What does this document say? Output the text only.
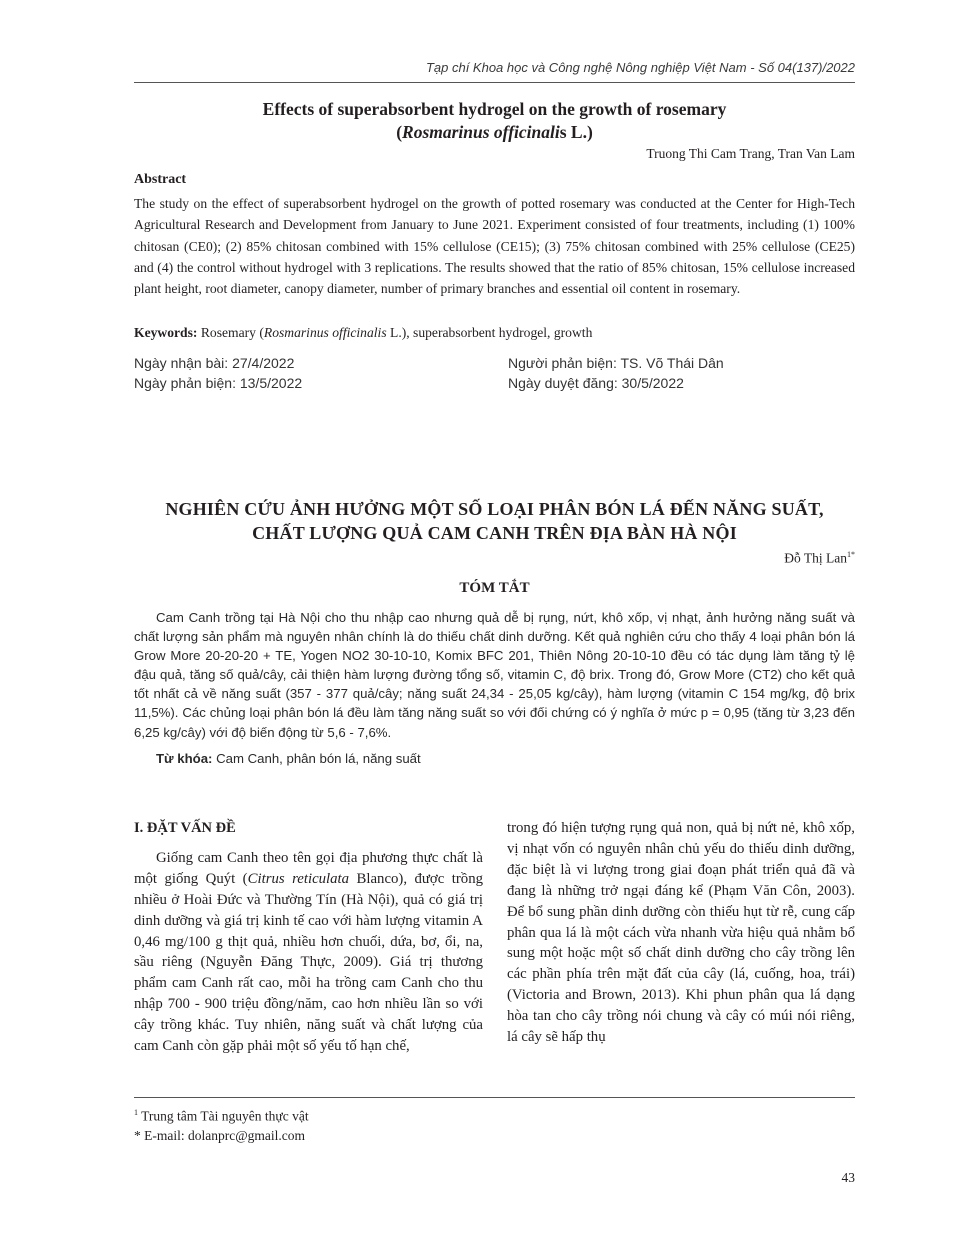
Tạp chí Khoa học và Công nghệ Nông nghiệp Việt Nam - Số 04(137)/2022
Effects of superabsorbent hydrogel on the growth of rosemary
(Rosmarinus officinalis L.)
Truong Thi Cam Trang, Tran Van Lam
Abstract
The study on the effect of superabsorbent hydrogel on the growth of potted rosemary was conducted at the Center for High-Tech Agricultural Research and Development from January to June 2021. Experiment consisted of four treatments, including (1) 100% chitosan (CE0); (2) 85% chitosan combined with 15% cellulose (CE15); (3) 75% chitosan combined with 25% cellulose (CE25) and (4) the control without hydrogel with 3 replications. The results showed that the ratio of 85% chitosan, 15% cellulose increased plant height, root diameter, canopy diameter, number of primary branches and essential oil content in rosemary.
Keywords: Rosemary (Rosmarinus officinalis L.), superabsorbent hydrogel, growth
Ngày nhận bài: 27/4/2022
Ngày phản biện: 13/5/2022
Người phản biện: TS. Võ Thái Dân
Ngày duyệt đăng: 30/5/2022
NGHIÊN CỨU ẢNH HƯỞNG MỘT SỐ LOẠI PHÂN BÓN LÁ ĐẾN NĂNG SUẤT,
CHẤT LƯỢNG QUẢ CAM CANH TRÊN ĐỊA BÀN HÀ NỘI
Đỗ Thị Lan$^{1*}$
TÓM TẮT
Cam Canh trồng tại Hà Nội cho thu nhập cao nhưng quả dễ bị rụng, nứt, khô xốp, vị nhạt, ảnh hưởng năng suất và chất lượng sản phẩm mà nguyên nhân chính là do thiếu chất dinh dưỡng. Kết quả nghiên cứu cho thấy 4 loại phân bón lá Grow More 20-20-20 + TE, Yogen NO2 30-10-10, Komix BFC 201, Thiên Nông 20-10-10 đều có tác dụng làm tăng tỷ lệ đậu quả, tăng số quả/cây, cải thiện hàm lượng đường tổng số, vitamin C, độ brix. Trong đó, Grow More (CT2) cho kết quả tốt nhất cả về năng suất (357 - 377 quả/cây; năng suất 24,34 - 25,05 kg/cây), hàm lượng (vitamin C 154 mg/kg, độ brix 11,5%). Các chủng loại phân bón lá đều làm tăng năng suất so với đối chứng có ý nghĩa ở mức p = 0,95 (tăng từ 3,23 đến 6,25 kg/cây) với độ biến động từ 5,6 - 7,6%.
Từ khóa: Cam Canh, phân bón lá, năng suất
I. ĐẶT VẤN ĐỀ
Giống cam Canh theo tên gọi địa phương thực chất là một giống Quýt (Citrus reticulata Blanco), được trồng nhiều ở Hoài Đức và Thường Tín (Hà Nội), quả có giá trị dinh dưỡng và giá trị kinh tế cao với hàm lượng vitamin A 0,46 mg/100 g thịt quả, nhiều hơn chuối, dứa, bơ, ổi, na, sầu riêng (Nguyễn Đăng Thực, 2009). Giá trị thương phẩm cam Canh rất cao, mỗi ha trồng cam Canh cho thu nhập 700 - 900 triệu đồng/năm, cao hơn nhiều lần so với cây trồng khác. Tuy nhiên, năng suất và chất lượng của cam Canh còn gặp phải một số yếu tố hạn chế,
trong đó hiện tượng rụng quả non, quả bị nứt nẻ, khô xốp, vị nhạt vốn có nguyên nhân chủ yếu do thiếu dinh dưỡng, đặc biệt là vi lượng trong giai đoạn phát triển quả đã và đang là những trở ngại đáng kể (Phạm Văn Côn, 2003). Để bổ sung phần dinh dưỡng còn thiếu hụt từ rễ, cung cấp phân qua lá là một cách vừa nhanh vừa hiệu quả nhằm bổ sung một hoặc một số chất dinh dưỡng cho cây trồng lên các phần phía trên mặt đất của cây (lá, cuống, hoa, trái) (Victoria and Brown, 2013). Khi phun phân qua lá dạng hòa tan cho cây trồng nói chung và cây có múi nói riêng, lá cây sẽ hấp thụ
$^1$ Trung tâm Tài nguyên thực vật
* E-mail: dolanprc@gmail.com
43
